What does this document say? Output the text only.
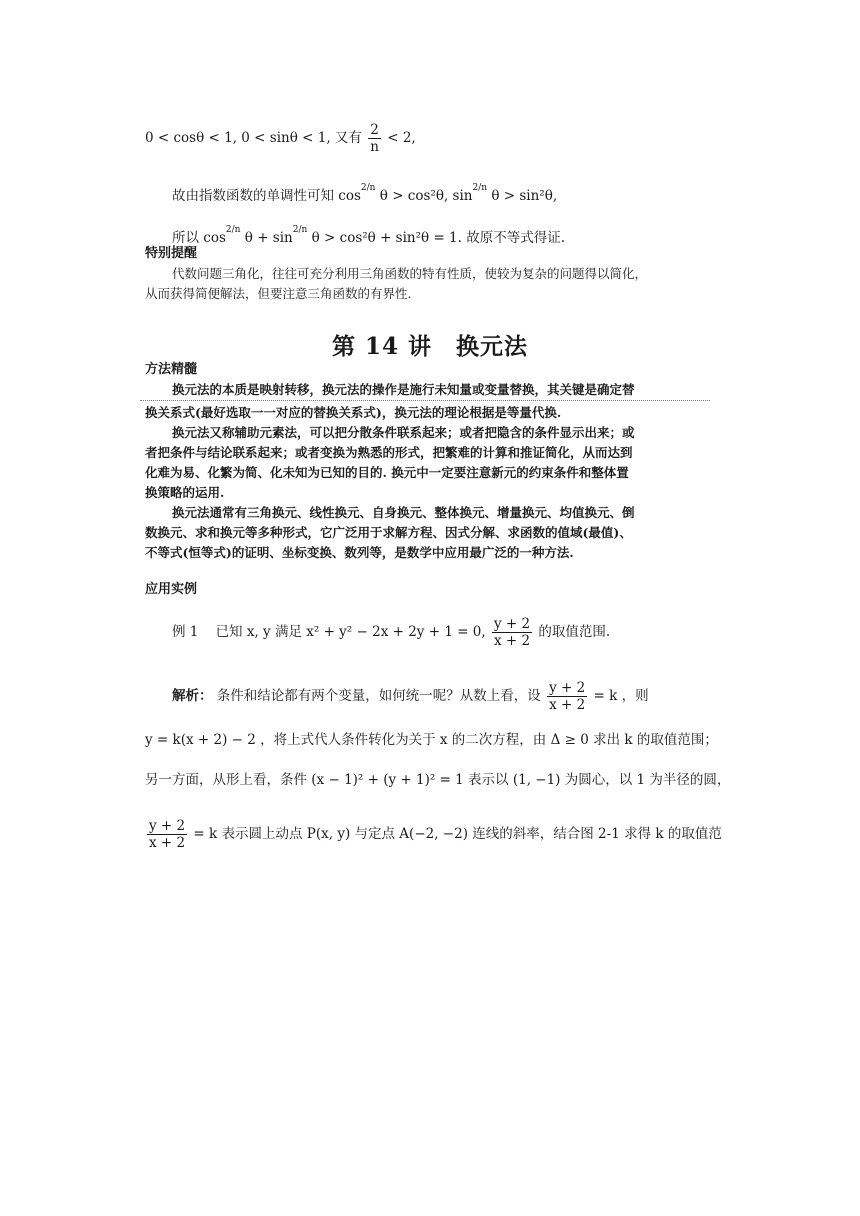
0 < cosθ < 1, 0 < sinθ < 1, 又有 $\frac{2}{n} < 2$,
故由指数函数的单调性可知 $\cos^{2/n} \theta > \cos^2\theta$, $\sin^{2/n} \theta > \sin^2\theta$,
所以 $\cos^{2/n} \theta + \sin^{2/n} \theta > \cos^2\theta + \sin^2\theta = 1$. 故原不等式得证.
特别提醒
代数问题三角化，往往可充分利用三角函数的特有性质，使较为复杂的问题得以简化，
从而获得简便解法，但要注意三角函数的有界性.
第 14 讲　换元法
方法精髓
换元法的本质是映射转移，换元法的操作是施行未知量或变量替换，其关键是确定替
换关系式(最好选取一一对应的替换关系式)，换元法的理论根据是等量代换.
换元法又称辅助元素法，可以把分散条件联系起来；或者把隐含的条件显示出来；或
者把条件与结论联系起来；或者变换为熟悉的形式，把繁难的计算和推证简化，从而达到
化难为易、化繁为简、化未知为已知的目的. 换元中一定要注意新元的约束条件和整体置
换策略的运用.
换元法通常有三角换元、线性换元、自身换元、整体换元、增量换元、均值换元、倒
数换元、求和换元等多种形式，它广泛用于求解方程、因式分解、求函数的值域(最值)、
不等式(恒等式)的证明、坐标变换、数列等，是数学中应用最广泛的一种方法.
应用实例
例 1 已知 x, y 满足 x² + y² − 2x + 2y + 1 = 0, $\frac{y + 2}{x + 2}$ 的取值范围.
解析： 条件和结论都有两个变量，如何统一呢？从数上看，设 $\frac{y + 2}{x + 2} = k$ ，则
y = k(x + 2) − 2 ，将上式代人条件转化为关于 x 的二次方程，由 Δ ≥ 0 求出 k 的取值范围；
另一方面，从形上看，条件 (x − 1)² + (y + 1)² = 1 表示以 (1, −1) 为圆心，以 1 为半径的圆，
$\frac{y + 2}{x + 2} = k$ 表示圆上动点 P(x, y) 与定点 A(−2, −2) 连线的斜率，结合图 2-1 求得 k 的取值范
